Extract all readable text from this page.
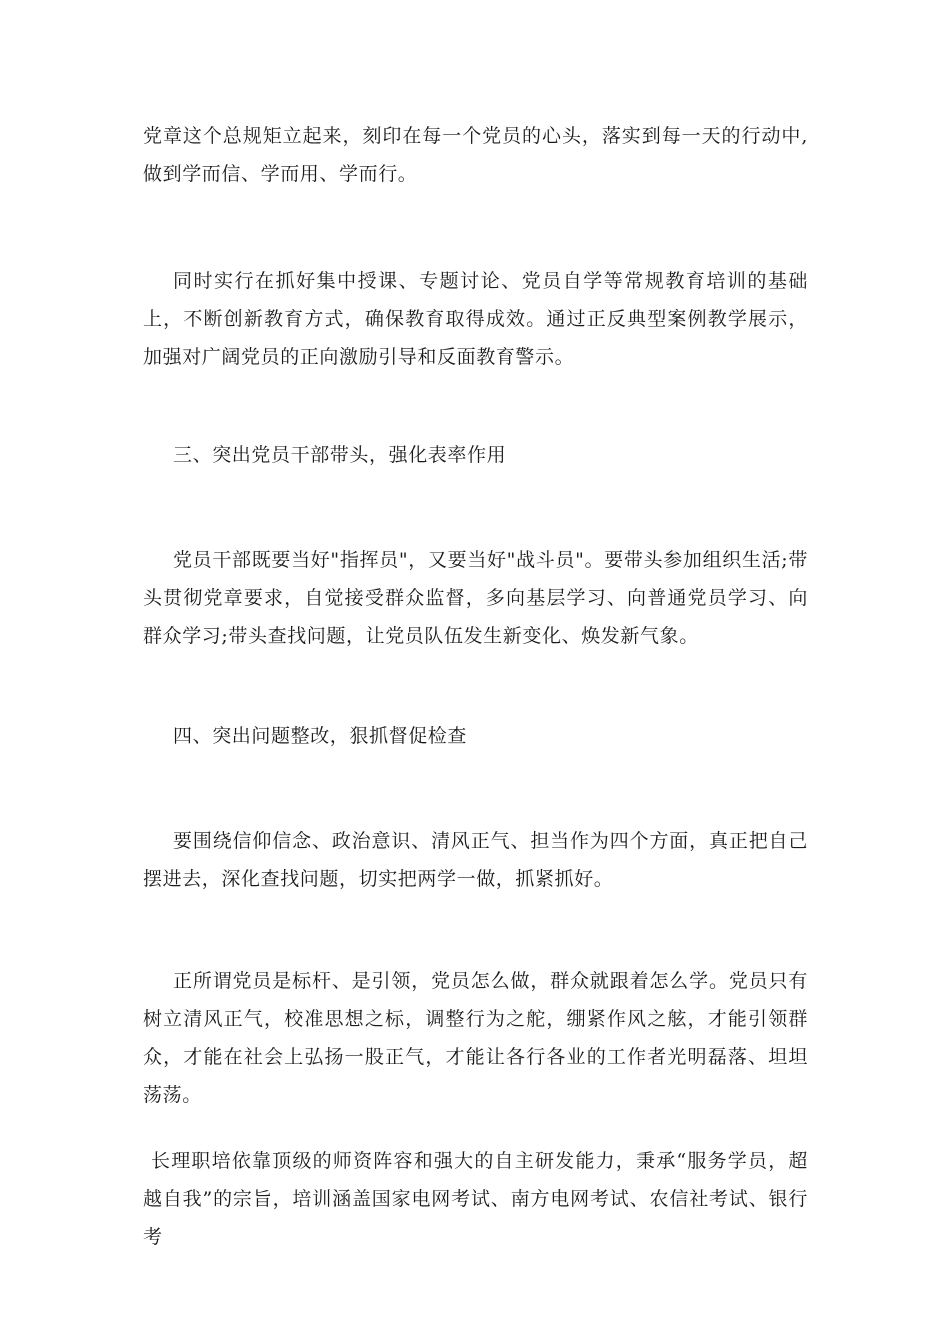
党章这个总规矩立起来，刻印在每一个党员的心头，落实到每一天的行动中,做到学而信、学而用、学而行。

同时实行在抓好集中授课、专题讨论、党员自学等常规教育培训的基础上，不断创新教育方式，确保教育取得成效。通过正反典型案例教学展示，加强对广阔党员的正向激励引导和反面教育警示。

三、突出党员干部带头，强化表率作用

党员干部既要当好"指挥员"，又要当好"战斗员"。要带头参加组织生活;带头贯彻党章要求，自觉接受群众监督，多向基层学习、向普通党员学习、向群众学习;带头查找问题，让党员队伍发生新变化、焕发新气象。

四、突出问题整改，狠抓督促检查

要围绕信仰信念、政治意识、清风正气、担当作为四个方面，真正把自己摆进去，深化查找问题，切实把两学一做，抓紧抓好。

正所谓党员是标杆、是引领，党员怎么做，群众就跟着怎么学。党员只有树立清风正气，校准思想之标，调整行为之舵，绷紧作风之舷，才能引领群众，才能在社会上弘扬一股正气，才能让各行各业的工作者光明磊落、坦坦荡荡。

长理职培依靠顶级的师资阵容和强大的自主研发能力，秉承“服务学员，超越自我”的宗旨，培训涵盖国家电网考试、南方电网考试、农信社考试、银行考
